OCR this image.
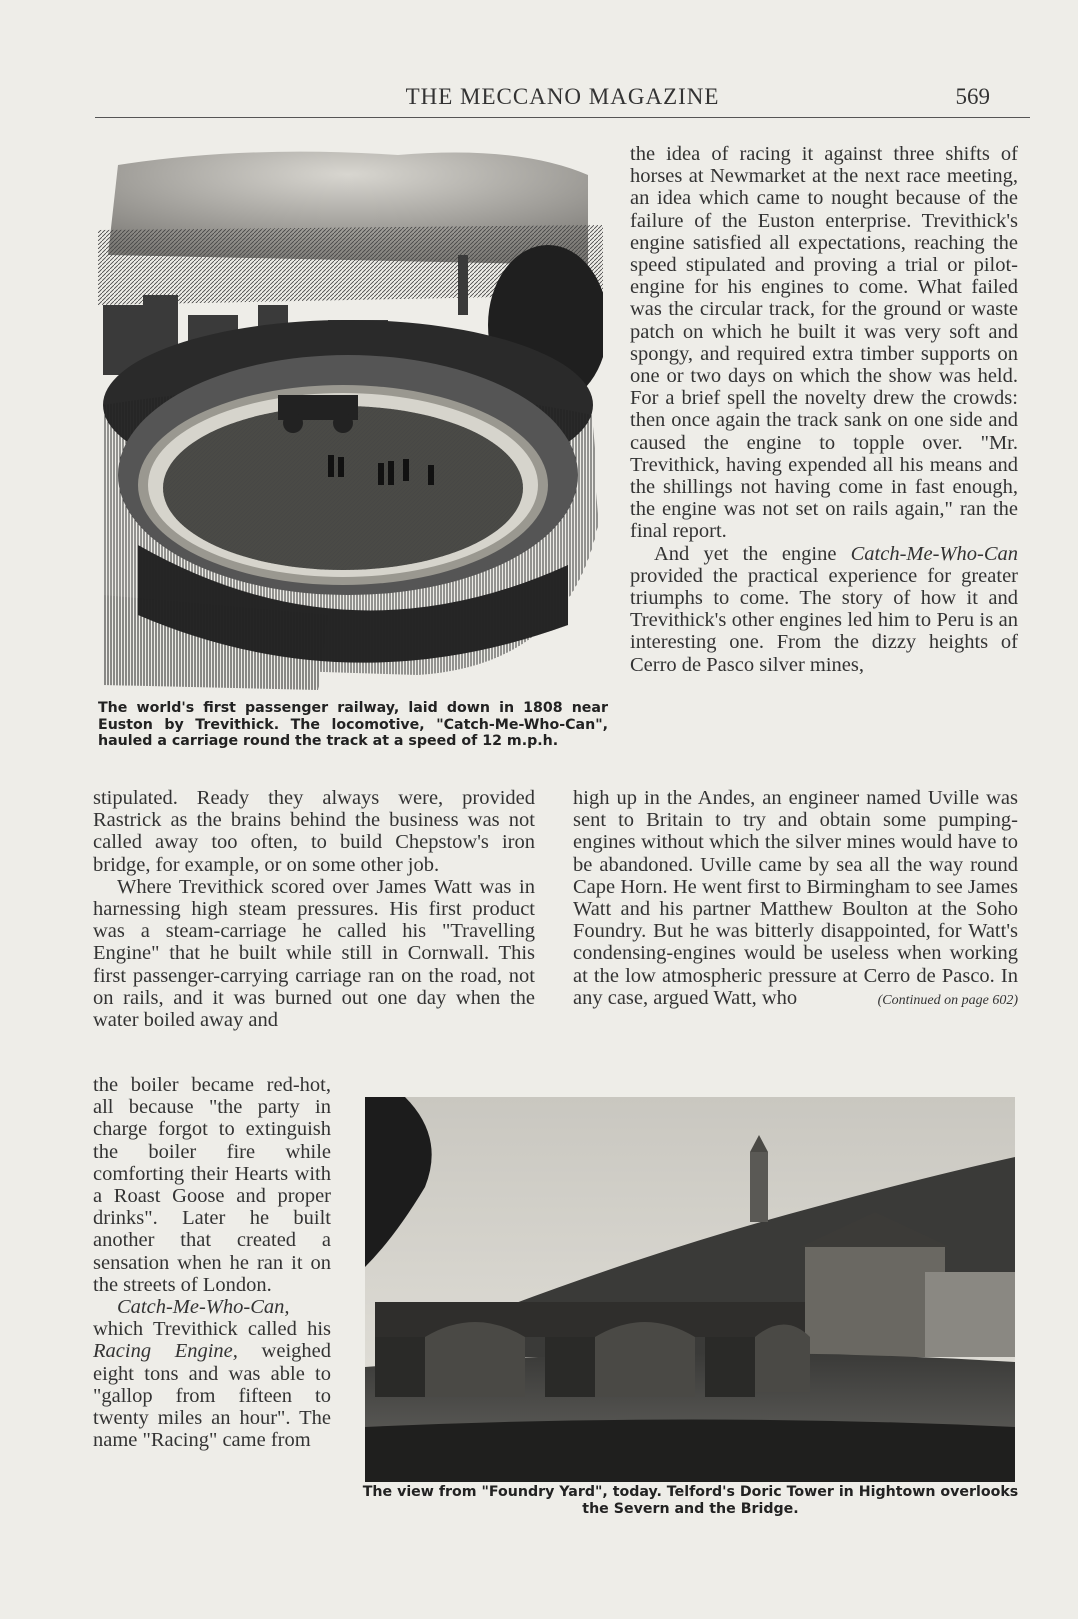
THE MECCANO MAGAZINE	569
The world's first passenger railway, laid down in 1808 near Euston by Trevithick. The locomotive, "Catch-Me-Who-Can", hauled a carriage round the track at a speed of 12 m.p.h.

the idea of racing it against three shifts of horses at Newmarket at the next race meeting, an idea which came to nought because of the failure of the Euston enterprise. Trevithick's engine satisfied all expectations, reaching the speed stipulated and proving a trial or pilot-engine for his engines to come. What failed was the circular track, for the ground or waste patch on which he built it was very soft and spongy, and required extra timber supports on one or two days on which the show was held. For a brief spell the novelty drew the crowds: then once again the track sank on one side and caused the engine to topple over. "Mr. Trevithick, having expended all his means and the shillings not having come in fast enough, the engine was not set on rails again," ran the final report.

And yet the engine Catch-Me-Who-Can provided the practical experience for greater triumphs to come. The story of how it and Trevithick's other engines led him to Peru is an interesting one. From the dizzy heights of Cerro de Pasco silver mines,

stipulated. Ready they always were, provided Rastrick as the brains behind the business was not called away too often, to build Chepstow's iron bridge, for example, or on some other job.

Where Trevithick scored over James Watt was in harnessing high steam pressures. His first product was a steam-carriage he called his "Travelling Engine" that he built while still in Cornwall. This first passenger-carrying carriage ran on the road, not on rails, and it was burned out one day when the water boiled away and

the boiler became red-hot, all because "the party in charge forgot to extinguish the boiler fire while comforting their Hearts with a Roast Goose and proper drinks". Later he built another that created a sensation when he ran it on the streets of London.

Catch-Me-Who-Can, which Trevithick called his Racing Engine, weighed eight tons and was able to "gallop from fifteen to twenty miles an hour". The name "Racing" came from

high up in the Andes, an engineer named Uville was sent to Britain to try and obtain some pumping-engines without which the silver mines would have to be abandoned. Uville came by sea all the way round Cape Horn. He went first to Birmingham to see James Watt and his partner Matthew Boulton at the Soho Foundry. But he was bitterly disappointed, for Watt's condensing-engines would be useless when working at the low atmospheric pressure at Cerro de Pasco. In any case, argued Watt, who	(Continued on page 602)

The view from "Foundry Yard", today. Telford's Doric Tower in Hightown overlooks the Severn and the Bridge.
